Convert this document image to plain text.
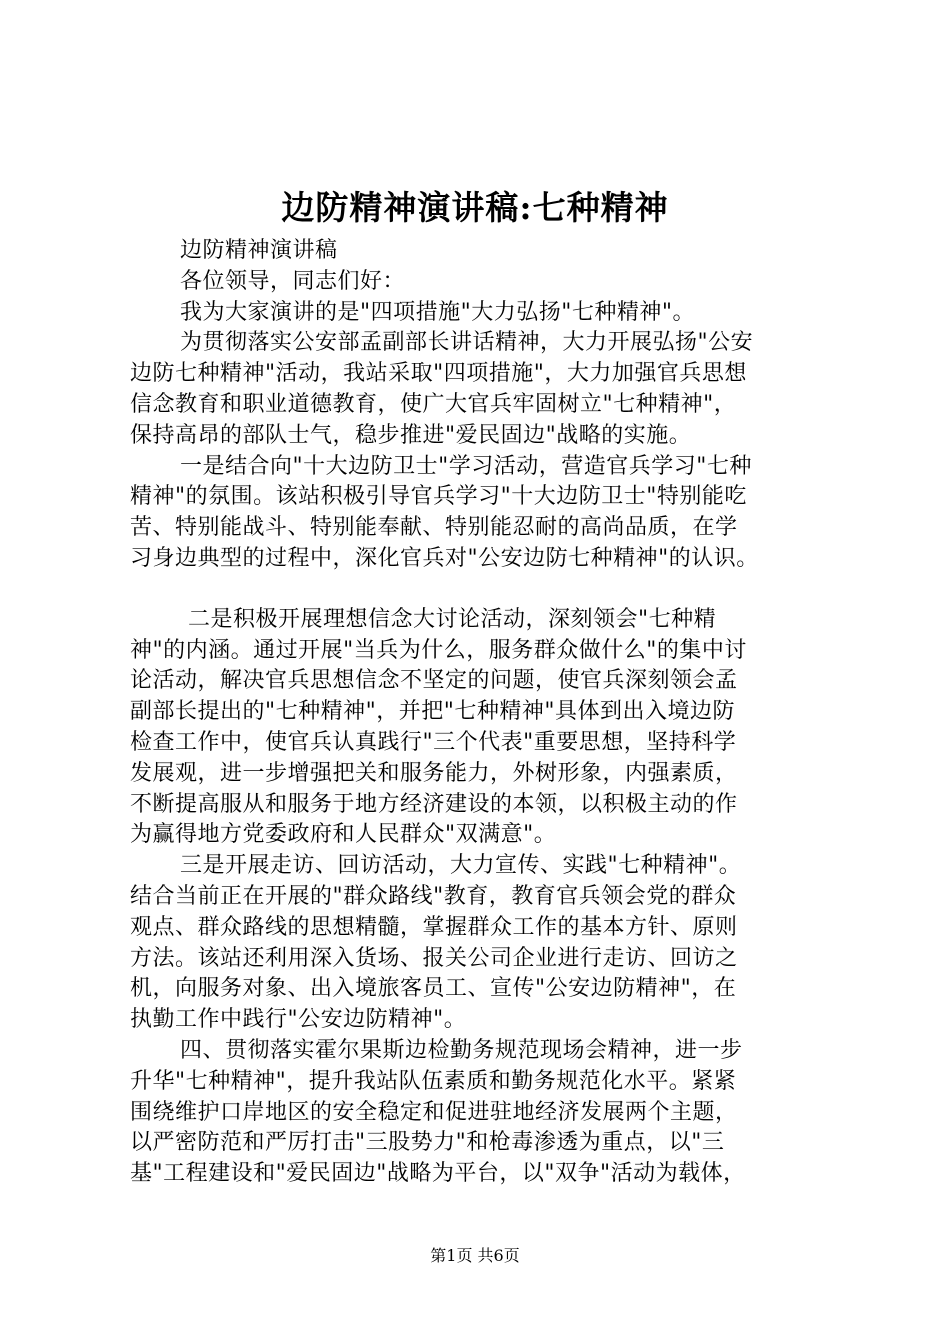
边防精神演讲稿:七种精神
边防精神演讲稿
各位领导，同志们好：
我为大家演讲的是"四项措施"大力弘扬"七种精神"。
为贯彻落实公安部孟副部长讲话精神，大力开展弘扬"公安
边防七种精神"活动，我站采取"四项措施"，大力加强官兵思想
信念教育和职业道德教育，使广大官兵牢固树立"七种精神"，
保持高昂的部队士气，稳步推进"爱民固边"战略的实施。
一是结合向"十大边防卫士"学习活动，营造官兵学习"七种
精神"的氛围。该站积极引导官兵学习"十大边防卫士"特别能吃
苦、特别能战斗、特别能奉献、特别能忍耐的高尚品质，在学
习身边典型的过程中，深化官兵对"公安边防七种精神"的认识。
二是积极开展理想信念大讨论活动，深刻领会"七种精
神"的内涵。通过开展"当兵为什么，服务群众做什么"的集中讨
论活动，解决官兵思想信念不坚定的问题，使官兵深刻领会孟
副部长提出的"七种精神"，并把"七种精神"具体到出入境边防
检查工作中，使官兵认真践行"三个代表"重要思想，坚持科学
发展观，进一步增强把关和服务能力，外树形象，内强素质，
不断提高服从和服务于地方经济建设的本领，以积极主动的作
为赢得地方党委政府和人民群众"双满意"。
三是开展走访、回访活动，大力宣传、实践"七种精神"。
结合当前正在开展的"群众路线"教育，教育官兵领会党的群众
观点、群众路线的思想精髓，掌握群众工作的基本方针、原则
方法。该站还利用深入货场、报关公司企业进行走访、回访之
机，向服务对象、出入境旅客员工、宣传"公安边防精神"，在
执勤工作中践行"公安边防精神"。
四、贯彻落实霍尔果斯边检勤务规范现场会精神，进一步
升华"七种精神"，提升我站队伍素质和勤务规范化水平。紧紧
围绕维护口岸地区的安全稳定和促进驻地经济发展两个主题，
以严密防范和严厉打击"三股势力"和枪毒渗透为重点，以"三
基"工程建设和"爱民固边"战略为平台，以"双争"活动为载体，
第1页 共6页
